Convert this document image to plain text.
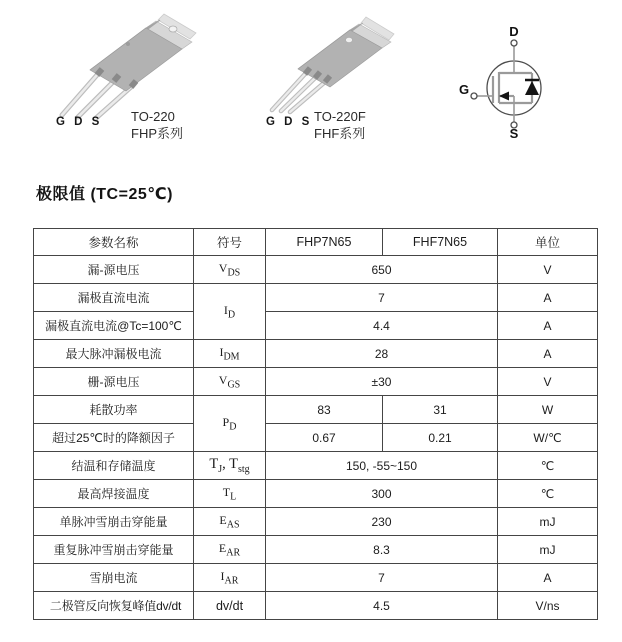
G D S TO-220
FHP系列
G D S TO-220F
FHF系列
D
G
S
极限值 (TC=25℃)
参数名称	符号	FHP7N65	FHF7N65	单位
漏-源电压	$V_{DS}$	650		V
漏极直流电流	$I_D$	7		A
漏极直流电流@Tc=100℃		4.4		A
最大脉冲漏极电流	$I_{DM}$	28		A
栅-源电压	$V_{GS}$	±30		V
耗散功率	$P_D$	83	31	W
超过25℃时的降额因子		0.67	0.21	W/℃
结温和存储温度	$T_J$, $T_{stg}$	150, -55~150		℃
最高焊接温度	$T_L$	300		℃
单脉冲雪崩击穿能量	$E_{AS}$	230		mJ
重复脉冲雪崩击穿能量	$E_{AR}$	8.3		mJ
雪崩电流	$I_{AR}$	7		A
二极管反向恢复峰值dv/dt	dv/dt	4.5		V/ns
